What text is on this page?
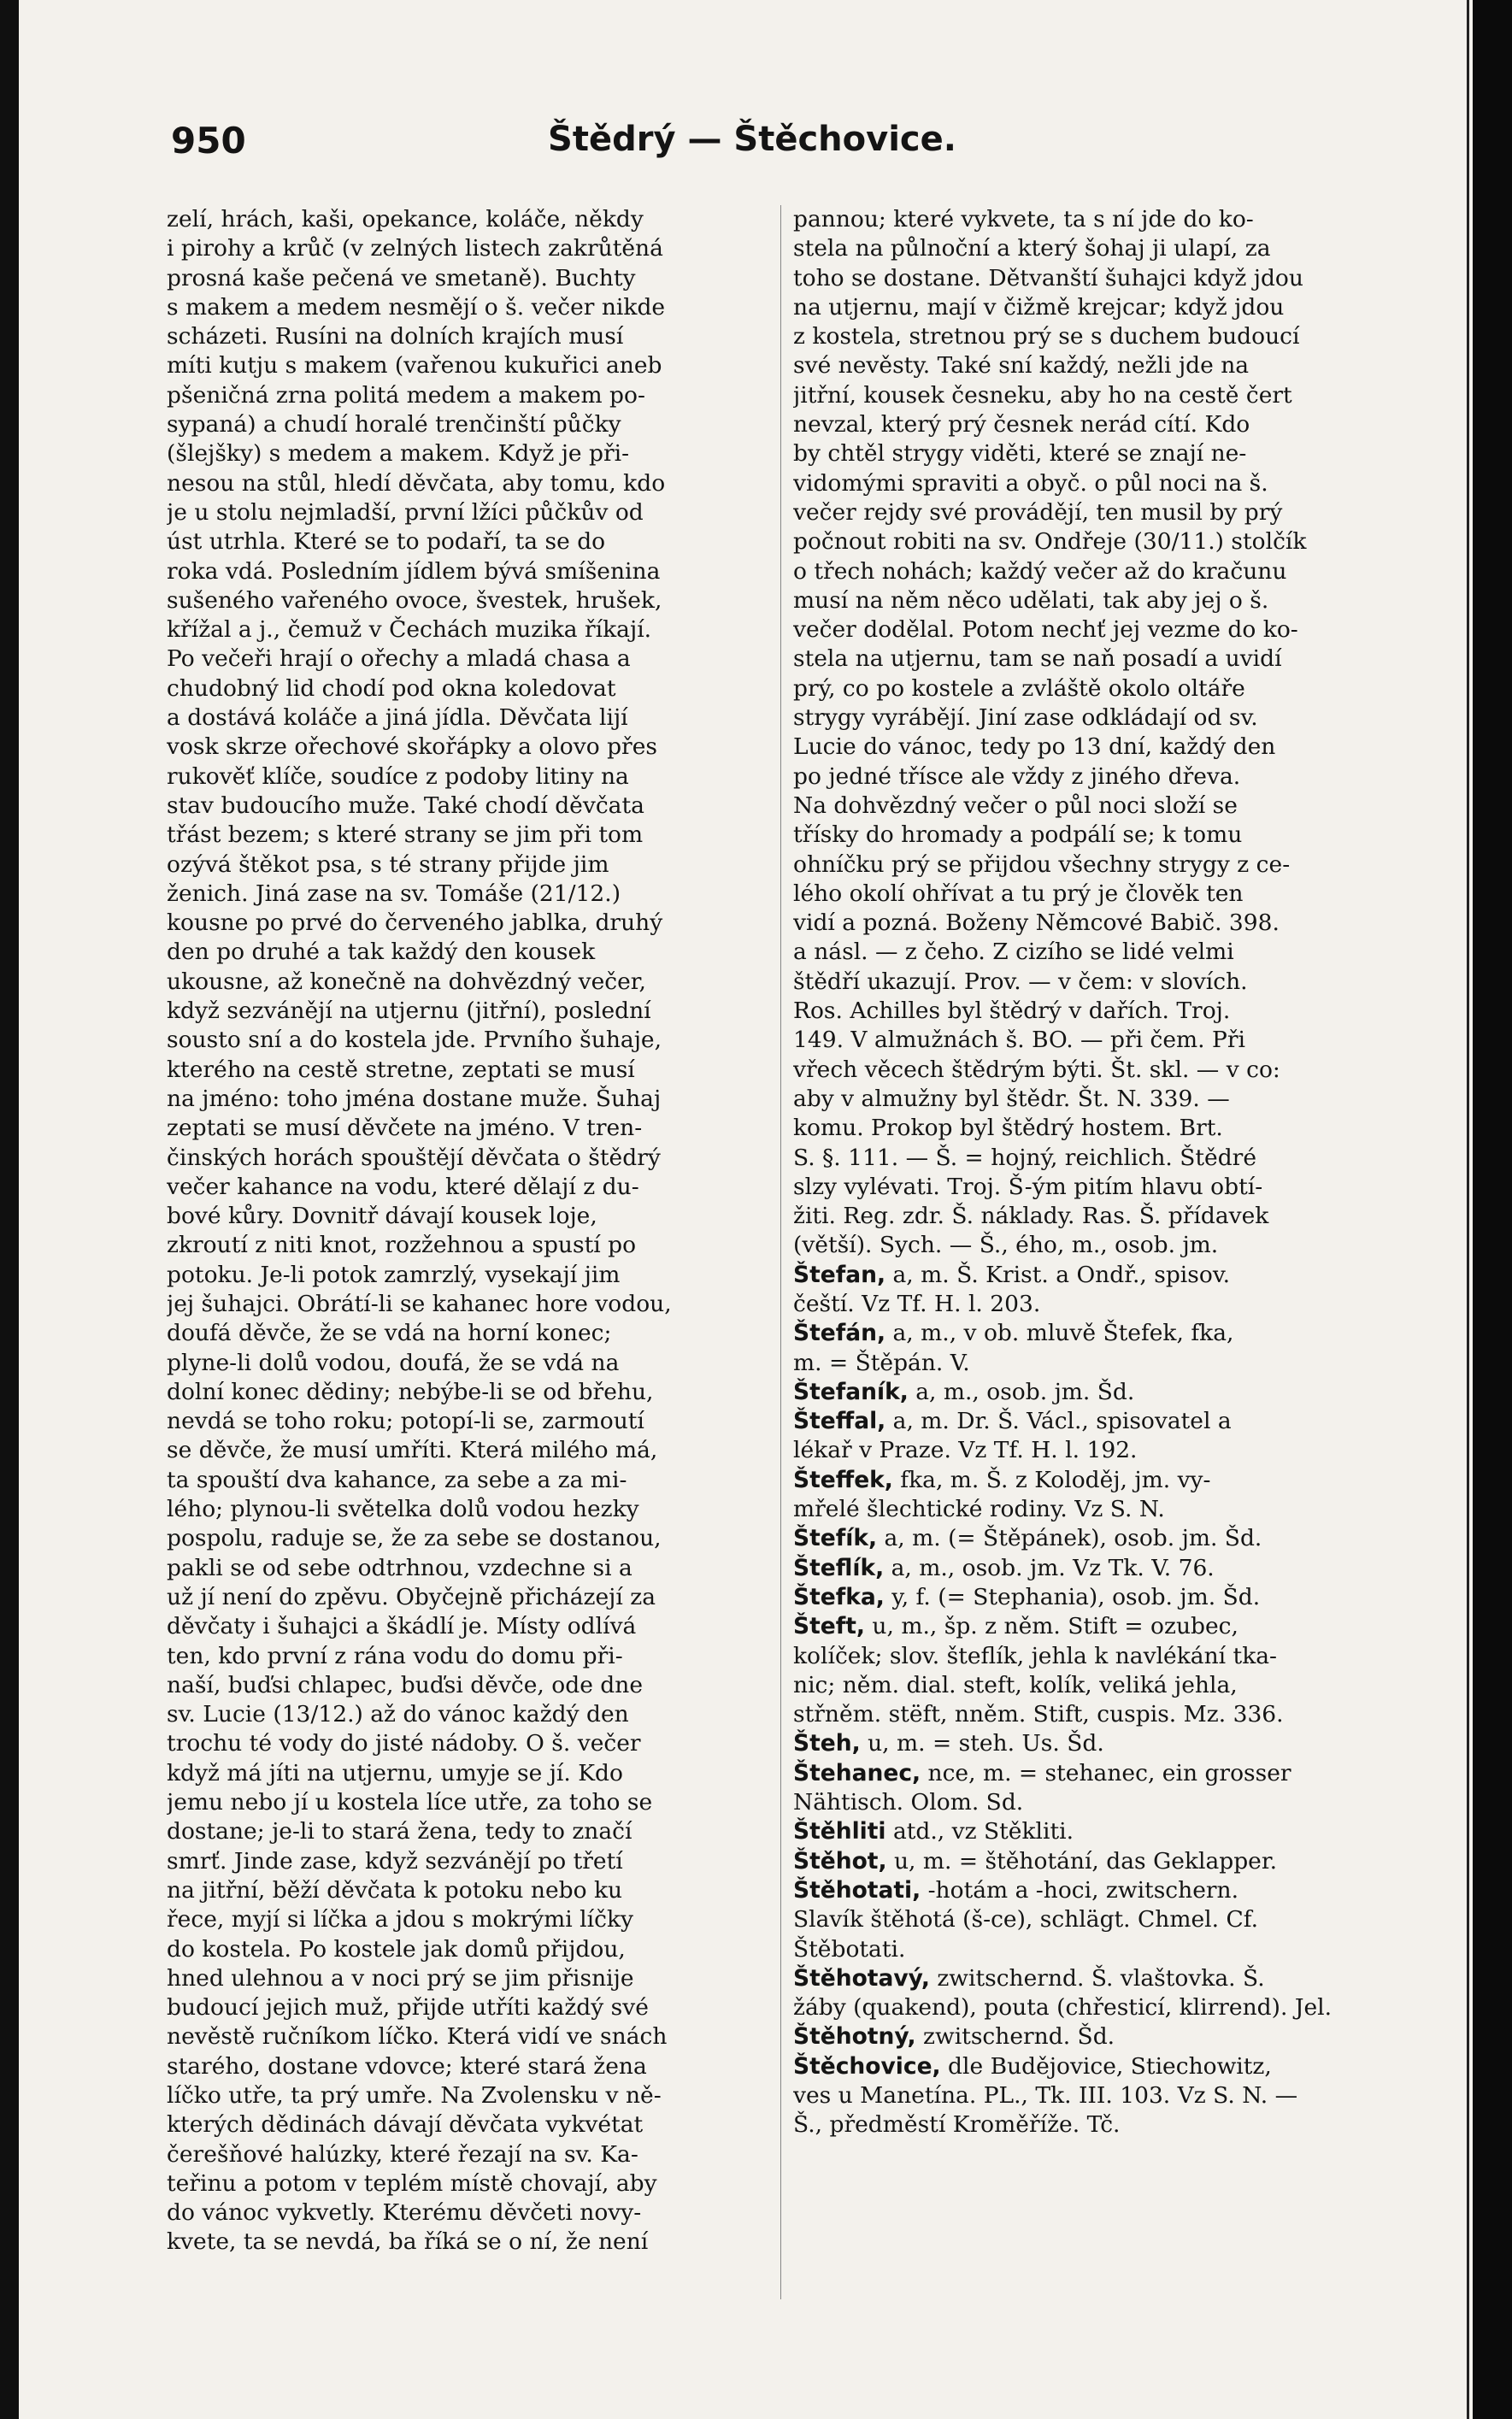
950	Štědrý — Štěchovice.
zelí, hrách, kaši, opekance, koláče, někdy
i pirohy a krůč (v zelných listech zakrůtěná
prosná kaše pečená ve smetaně). Buchty
s makem a medem nesmějí o š. večer nikde
scházeti. Rusíni na dolních krajích musí
míti kutju s makem (vařenou kukuřici aneb
pšeničná zrna politá medem a makem po-
sypaná) a chudí horalé trenčinští půčky
(šlejšky) s medem a makem. Když je při-
nesou na stůl, hledí děvčata, aby tomu, kdo
je u stolu nejmladší, první lžíci půčkův od
úst utrhla. Které se to podaří, ta se do
roka vdá. Posledním jídlem bývá smíšenina
sušeného vařeného ovoce, švestek, hrušek,
křížal a j., čemuž v Čechách muzika říkají.
Po večeři hrají o ořechy a mladá chasa a
chudobný lid chodí pod okna koledovat
a dostává koláče a jiná jídla. Děvčata lijí
vosk skrze ořechové skořápky a olovo přes
rukověť klíče, soudíce z podoby litiny na
stav budoucího muže. Také chodí děvčata
třást bezem; s které strany se jim při tom
ozývá štěkot psa, s té strany přijde jim
ženich. Jiná zase na sv. Tomáše (21/12.)
kousne po prvé do červeného jablka, druhý
den po druhé a tak každý den kousek
ukousne, až konečně na dohvězdný večer,
když sezvánějí na utjernu (jitřní), poslední
sousto sní a do kostela jde. Prvního šuhaje,
kterého na cestě stretne, zeptati se musí
na jméno: toho jména dostane muže. Šuhaj
zeptati se musí děvčete na jméno. V tren-
činských horách spouštějí děvčata o štědrý
večer kahance na vodu, které dělají z du-
bové kůry. Dovnitř dávají kousek loje,
zkroutí z niti knot, rozžehnou a spustí po
potoku. Je-li potok zamrzlý, vysekají jim
jej šuhajci. Obrátí-li se kahanec hore vodou,
doufá děvče, že se vdá na horní konec;
plyne-li dolů vodou, doufá, že se vdá na
dolní konec dědiny; nebýbe-li se od břehu,
nevdá se toho roku; potopí-li se, zarmoutí
se děvče, že musí umříti. Která milého má,
ta spouští dva kahance, za sebe a za mi-
lého; plynou-li světelka dolů vodou hezky
pospolu, raduje se, že za sebe se dostanou,
pakli se od sebe odtrhnou, vzdechne si a
už jí není do zpěvu. Obyčejně přicházejí za
děvčaty i šuhajci a škádlí je. Místy odlívá
ten, kdo první z rána vodu do domu při-
naší, buďsi chlapec, buďsi děvče, ode dne
sv. Lucie (13/12.) až do vánoc každý den
trochu té vody do jisté nádoby. O š. večer
když má jíti na utjernu, umyje se jí. Kdo
jemu nebo jí u kostela líce utře, za toho se
dostane; je-li to stará žena, tedy to značí
smrť. Jinde zase, když sezvánějí po třetí
na jitřní, běží děvčata k potoku nebo ku
řece, myjí si líčka a jdou s mokrými líčky
do kostela. Po kostele jak domů přijdou,
hned ulehnou a v noci prý se jim přisnije
budoucí jejich muž, přijde utříti každý své
nevěstě ručníkom líčko. Která vidí ve snách
starého, dostane vdovce; které stará žena
líčko utře, ta prý umře. Na Zvolensku v ně-
kterých dědinách dávají děvčata vykvétat
čerešňové halúzky, které řezají na sv. Ka-
teřinu a potom v teplém místě chovají, aby
do vánoc vykvetly. Kterému děvčeti novy-
kvete, ta se nevdá, ba říká se o ní, že není
pannou; které vykvete, ta s ní jde do ko-
stela na půlnoční a který šohaj ji ulapí, za
toho se dostane. Dětvanští šuhajci když jdou
na utjernu, mají v čižmě krejcar; když jdou
z kostela, stretnou prý se s duchem budoucí
své nevěsty. Také sní každý, nežli jde na
jitřní, kousek česneku, aby ho na cestě čert
nevzal, který prý česnek nerád cítí. Kdo
by chtěl strygy viděti, které se znají ne-
vidomými spraviti a obyč. o půl noci na š.
večer rejdy své provádějí, ten musil by prý
počnout robiti na sv. Ondřeje (30/11.) stolčík
o třech nohách; každý večer až do kračunu
musí na něm něco udělati, tak aby jej o š.
večer dodělal. Potom nechť jej vezme do ko-
stela na utjernu, tam se naň posadí a uvidí
prý, co po kostele a zvláště okolo oltáře
strygy vyrábějí. Jiní zase odkládají od sv.
Lucie do vánoc, tedy po 13 dní, každý den
po jedné třísce ale vždy z jiného dřeva.
Na dohvězdný večer o půl noci složí se
třísky do hromady a podpálí se; k tomu
ohníčku prý se přijdou všechny strygy z ce-
lého okolí ohřívat a tu prý je člověk ten
vidí a pozná. Boženy Němcové Babič. 398.
a násl. — z čeho. Z cizího se lidé velmi
štědří ukazují. Prov. — v čem: v slovích.
Ros. Achilles byl štědrý v dařích. Troj.
149. V almužnách š. BO. — při čem. Při
vřech věcech štědrým býti. Št. skl. — v co:
aby v almužny byl štědr. Št. N. 339. —
komu. Prokop byl štědrý hostem. Brt.
S. §. 111. — Š. = hojný, reichlich. Štědré
slzy vylévati. Troj. Š-ým pitím hlavu obtí-
žiti. Reg. zdr. Š. náklady. Ras. Š. přídavek
(větší). Sych. — Š., ého, m., osob. jm.
Štefan, a, m. Š. Krist. a Ondř., spisov.
čeští. Vz Tf. H. l. 203.
Štefán, a, m., v ob. mluvě Štefek, fka,
m. = Štěpán. V.
Štefaník, a, m., osob. jm. Šd.
Šteffal, a, m. Dr. Š. Václ., spisovatel a
lékař v Praze. Vz Tf. H. l. 192.
Šteffek, fka, m. Š. z Koloděj, jm. vy-
mřelé šlechtické rodiny. Vz S. N.
Štefík, a, m. (= Štěpánek), osob. jm. Šd.
Šteflík, a, m., osob. jm. Vz Tk. V. 76.
Štefka, y, f. (= Stephania), osob. jm. Šd.
Šteft, u, m., šp. z něm. Stift = ozubec,
kolíček; slov. šteflík, jehla k navlékání tka-
nic; něm. dial. steft, kolík, veliká jehla,
střněm. stëft, nněm. Stift, cuspis. Mz. 336.
Šteh, u, m. = steh. Us. Šd.
Štehanec, nce, m. = stehanec, ein grosser
Nähtisch. Olom. Sd.
Štěhliti atd., vz Stěkliti.
Štěhot, u, m. = štěhotání, das Geklapper.
Štěhotati, -hotám a -hoci, zwitschern.
Slavík štěhotá (š-ce), schlägt. Chmel. Cf.
Štěbotati.
Štěhotavý, zwitschernd. Š. vlaštovka. Š.
žáby (quakend), pouta (chřesticí, klirrend). Jel.
Štěhotný, zwitschernd. Šd.
Štěchovice, dle Budějovice, Stiechowitz,
ves u Manetína. PL., Tk. III. 103. Vz S. N. —
Š., předměstí Kroměříže. Tč.
